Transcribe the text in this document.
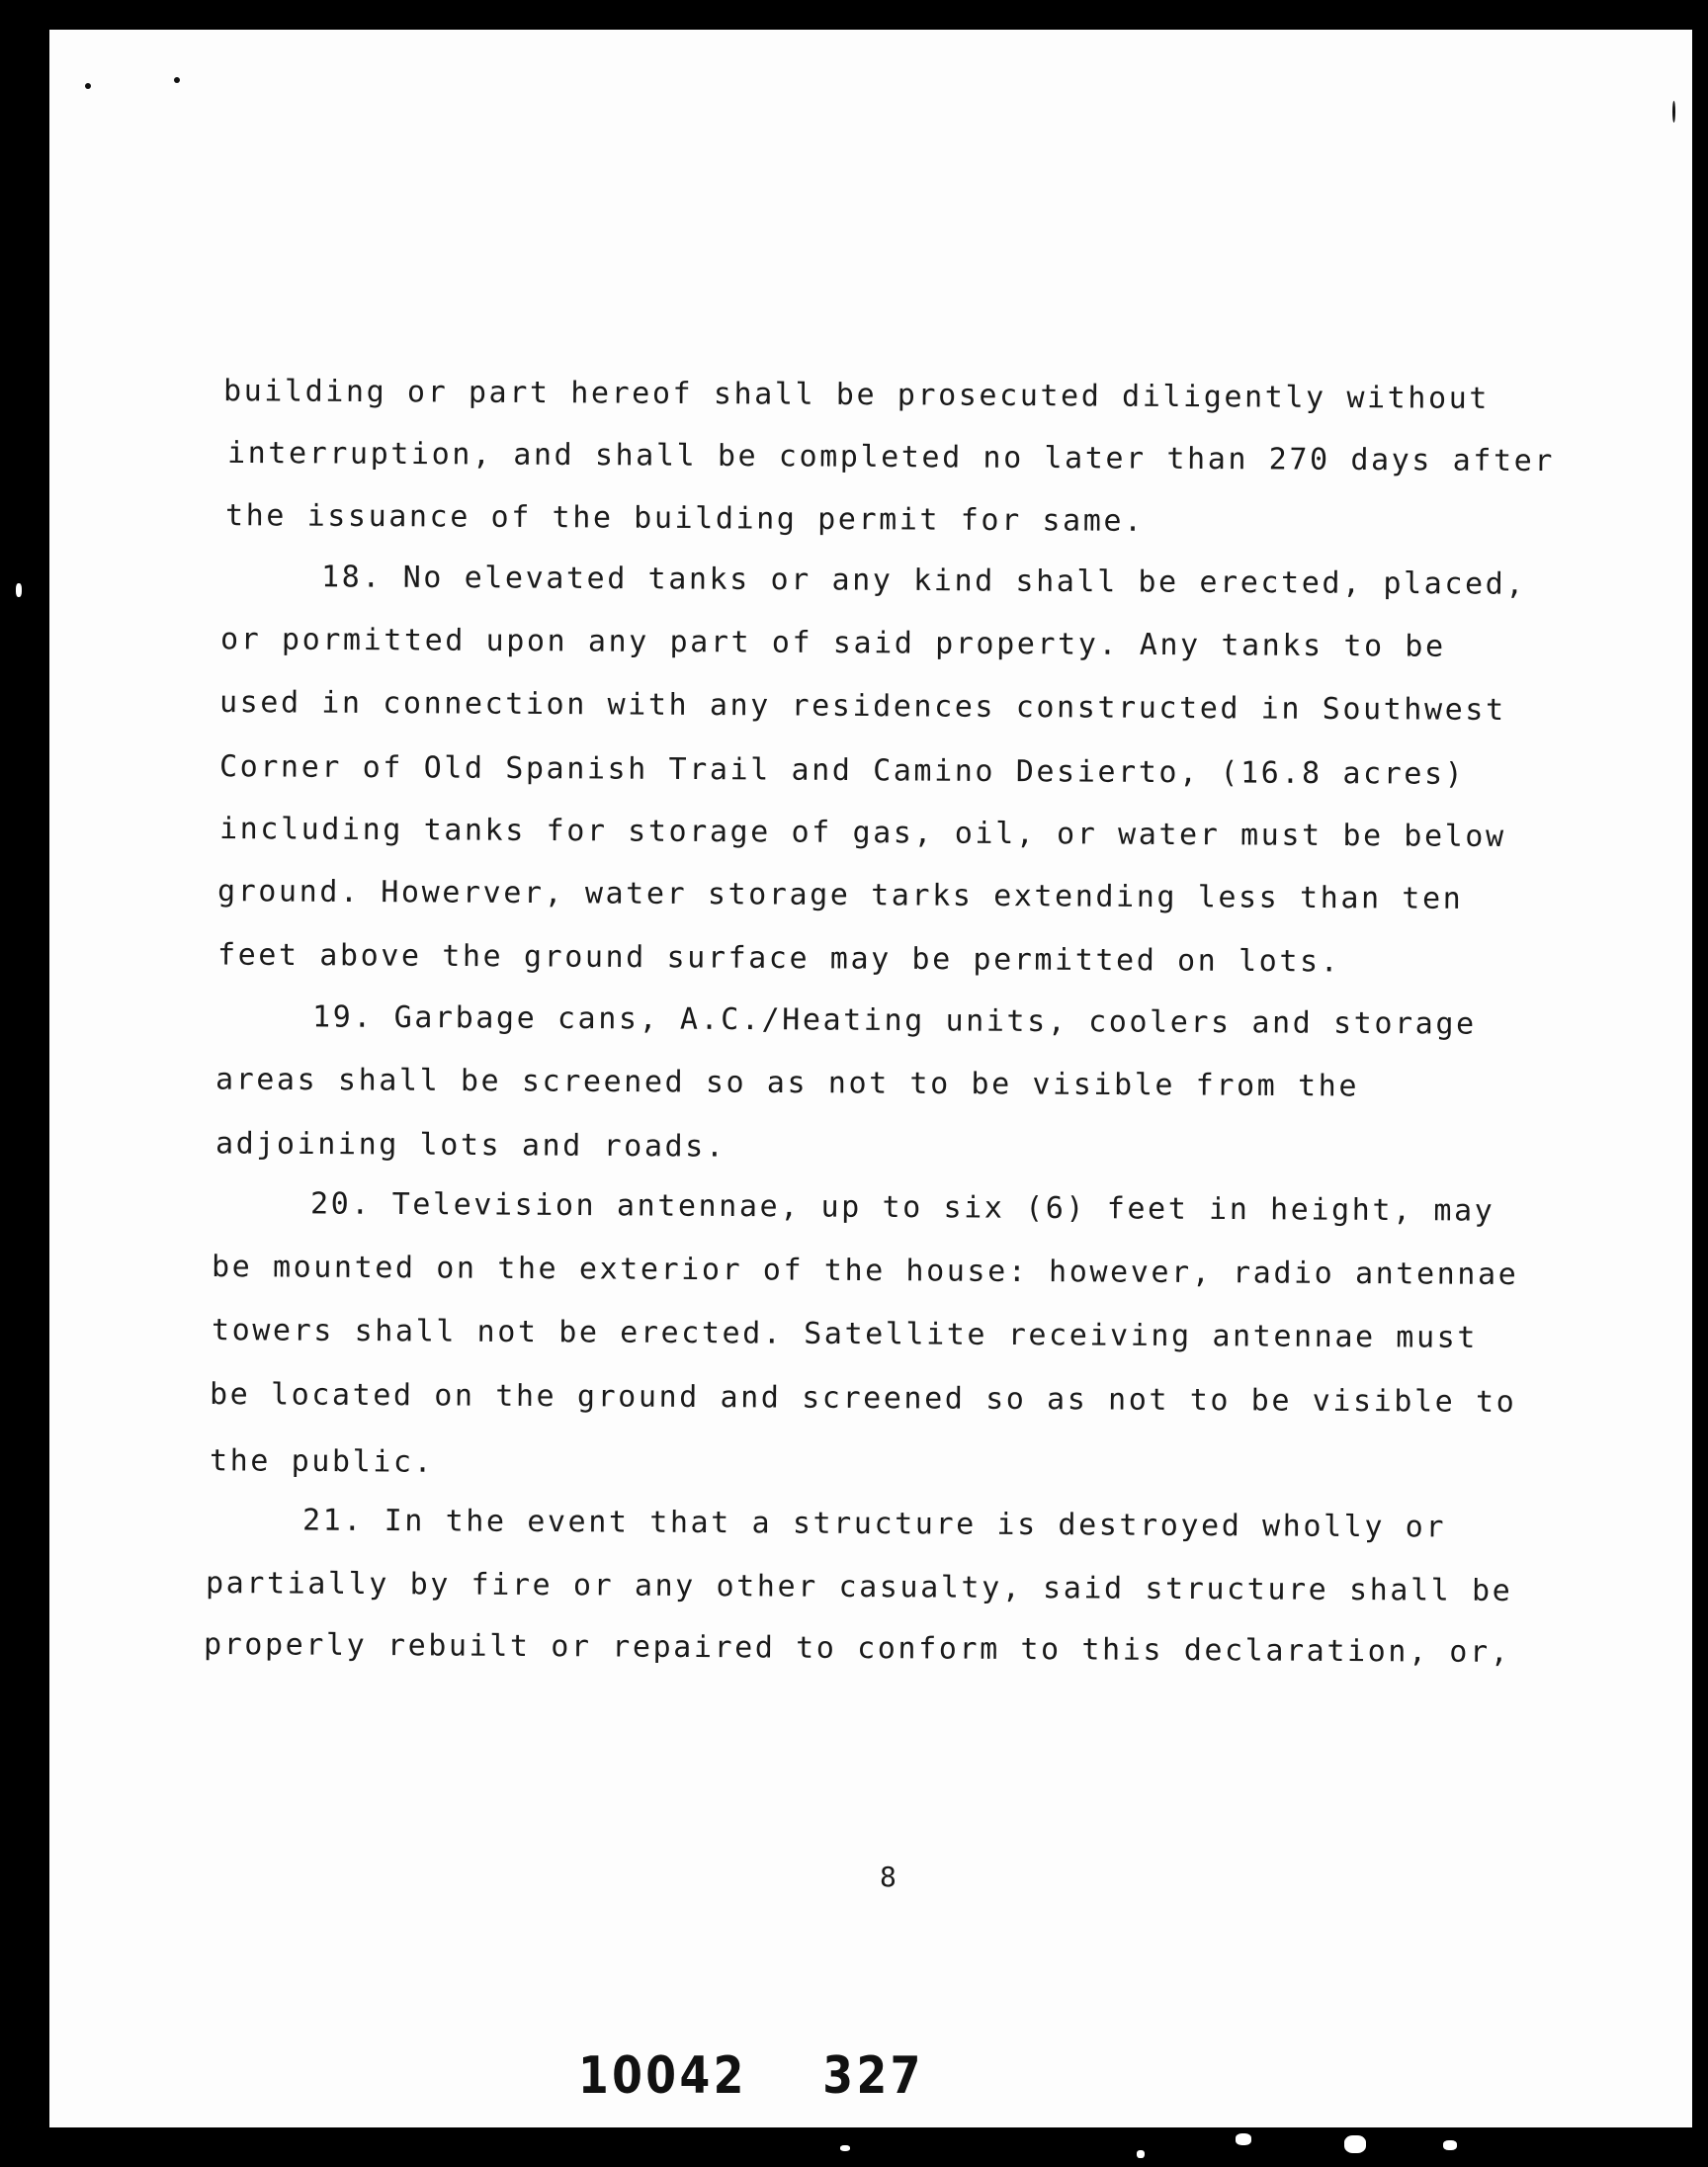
building or part hereof shall be prosecuted diligently without
interruption, and shall be completed no later than 270 days after
the issuance of the building permit for same.
18. No elevated tanks or any kind shall be erected, placed,
or pormitted upon any part of said property. Any tanks to be
used in connection with any residences constructed in Southwest
Corner of Old Spanish Trail and Camino Desierto, (16.8 acres)
including tanks for storage of gas, oil, or water must be below
ground. Howerver, water storage tarks extending less than ten
feet above the ground surface may be permitted on lots.
19. Garbage cans, A.C./Heating units, coolers and storage
areas shall be screened so as not to be visible from the
adjoining lots and roads.
20. Television antennae, up to six (6) feet in height, may
be mounted on the exterior of the house: however, radio antennae
towers shall not be erected. Satellite receiving antennae must
be located on the ground and screened so as not to be visible to
the public.
21. In the event that a structure is destroyed wholly or
partially by fire or any other casualty, said structure shall be
properly rebuilt or repaired to conform to this declaration, or,
8
10042 327
